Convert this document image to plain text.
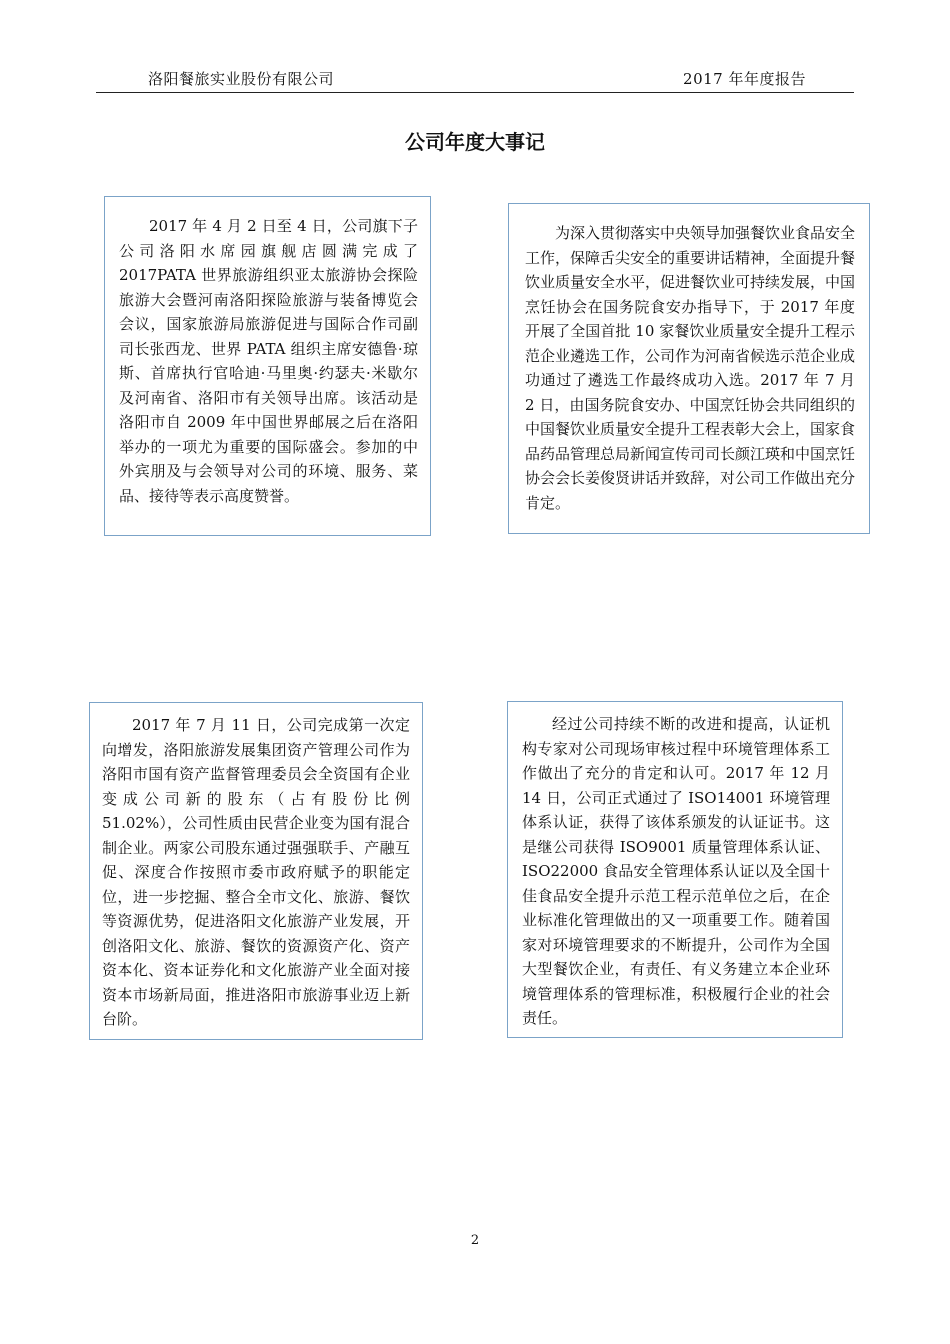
洛阳餐旅实业股份有限公司	2017 年年度报告
公司年度大事记

2017 年 4 月 2 日至 4 日，公司旗下子公司洛阳水席园旗舰店圆满完成了 2017PATA 世界旅游组织亚太旅游协会探险旅游大会暨河南洛阳探险旅游与装备博览会会议，国家旅游局旅游促进与国际合作司副司长张西龙、世界 PATA 组织主席安德鲁·琼斯、首席执行官哈迪·马里奥·约瑟夫·米歇尔及河南省、洛阳市有关领导出席。该活动是洛阳市自 2009 年中国世界邮展之后在洛阳举办的一项尤为重要的国际盛会。参加的中外宾朋及与会领导对公司的环境、服务、菜品、接待等表示高度赞誉。

为深入贯彻落实中央领导加强餐饮业食品安全工作，保障舌尖安全的重要讲话精神，全面提升餐饮业质量安全水平，促进餐饮业可持续发展，中国烹饪协会在国务院食安办指导下，于 2017 年度开展了全国首批 10 家餐饮业质量安全提升工程示范企业遴选工作，公司作为河南省候选示范企业成功通过了遴选工作最终成功入选。2017 年 7 月 2 日，由国务院食安办、中国烹饪协会共同组织的中国餐饮业质量安全提升工程表彰大会上，国家食品药品管理总局新闻宣传司司长颜江瑛和中国烹饪协会会长姜俊贤讲话并致辞，对公司工作做出充分肯定。

2017 年 7 月 11 日，公司完成第一次定向增发，洛阳旅游发展集团资产管理公司作为洛阳市国有资产监督管理委员会全资国有企业变成公司新的股东（占有股份比例 51.02%），公司性质由民营企业变为国有混合制企业。两家公司股东通过强强联手、产融互促、深度合作按照市委市政府赋予的职能定位，进一步挖掘、整合全市文化、旅游、餐饮等资源优势，促进洛阳文化旅游产业发展，开创洛阳文化、旅游、餐饮的资源资产化、资产资本化、资本证券化和文化旅游产业全面对接资本市场新局面，推进洛阳市旅游事业迈上新台阶。

经过公司持续不断的改进和提高，认证机构专家对公司现场审核过程中环境管理体系工作做出了充分的肯定和认可。2017 年 12 月 14 日，公司正式通过了 ISO14001 环境管理体系认证，获得了该体系颁发的认证证书。这是继公司获得 ISO9001 质量管理体系认证、ISO22000 食品安全管理体系认证以及全国十佳食品安全提升示范工程示范单位之后，在企业标准化管理做出的又一项重要工作。随着国家对环境管理要求的不断提升，公司作为全国大型餐饮企业，有责任、有义务建立本企业环境管理体系的管理标准，积极履行企业的社会责任。

2
